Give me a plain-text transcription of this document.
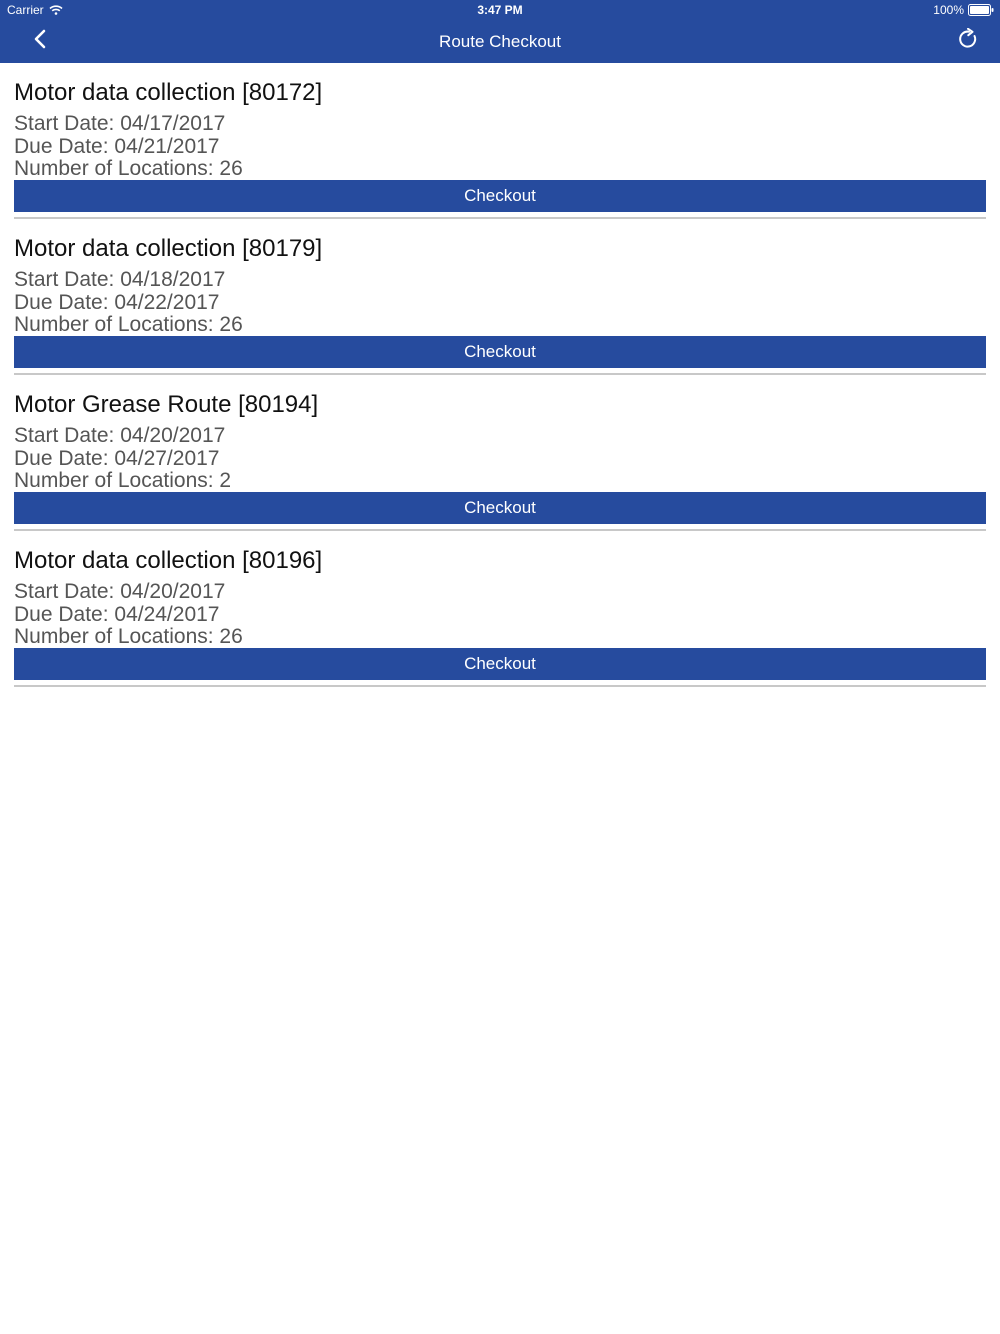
Carrier	3:47 PM	100%
Route Checkout
Motor data collection [80172]
Start Date: 04/17/2017
Due Date: 04/21/2017
Number of Locations: 26
Checkout
Motor data collection [80179]
Start Date: 04/18/2017
Due Date: 04/22/2017
Number of Locations: 26
Checkout
Motor Grease Route [80194]
Start Date: 04/20/2017
Due Date: 04/27/2017
Number of Locations: 2
Checkout
Motor data collection [80196]
Start Date: 04/20/2017
Due Date: 04/24/2017
Number of Locations: 26
Checkout
